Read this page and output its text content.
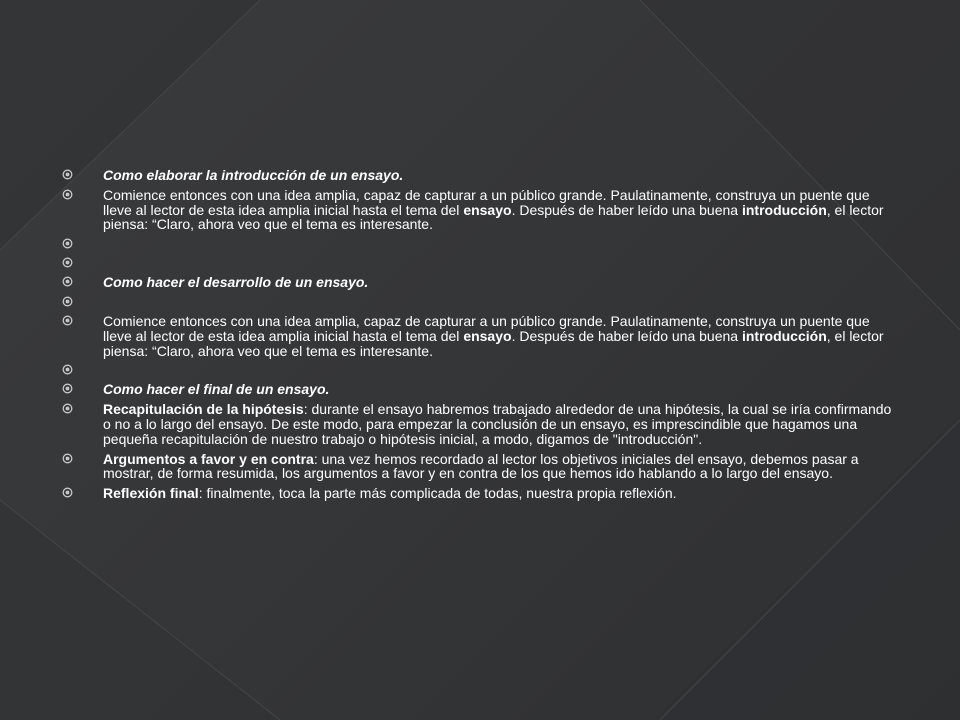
Como elaborar la introducción de un ensayo.
Comience entonces con una idea amplia, capaz de capturar a un público grande. Paulatinamente, construya un puente que lleve al lector de esta idea amplia inicial hasta el tema del ensayo. Después de haber leído una buena introducción, el lector piensa: “Claro, ahora veo que el tema es interesante.
Como hacer el desarrollo de un ensayo.
Comience entonces con una idea amplia, capaz de capturar a un público grande. Paulatinamente, construya un puente que lleve al lector de esta idea amplia inicial hasta el tema del ensayo. Después de haber leído una buena introducción, el lector piensa: “Claro, ahora veo que el tema es interesante.
Como hacer el final de un ensayo.
Recapitulación de la hipótesis: durante el ensayo habremos trabajado alrededor de una hipótesis, la cual se iría confirmando o no a lo largo del ensayo. De este modo, para empezar la conclusión de un ensayo, es imprescindible que hagamos una pequeña recapitulación de nuestro trabajo o hipótesis inicial, a modo, digamos de "introducción".
Argumentos a favor y en contra: una vez hemos recordado al lector los objetivos iniciales del ensayo, debemos pasar a mostrar, de forma resumida, los argumentos a favor y en contra de los que hemos ido hablando a lo largo del ensayo.
Reflexión final: finalmente, toca la parte más complicada de todas, nuestra propia reflexión.
